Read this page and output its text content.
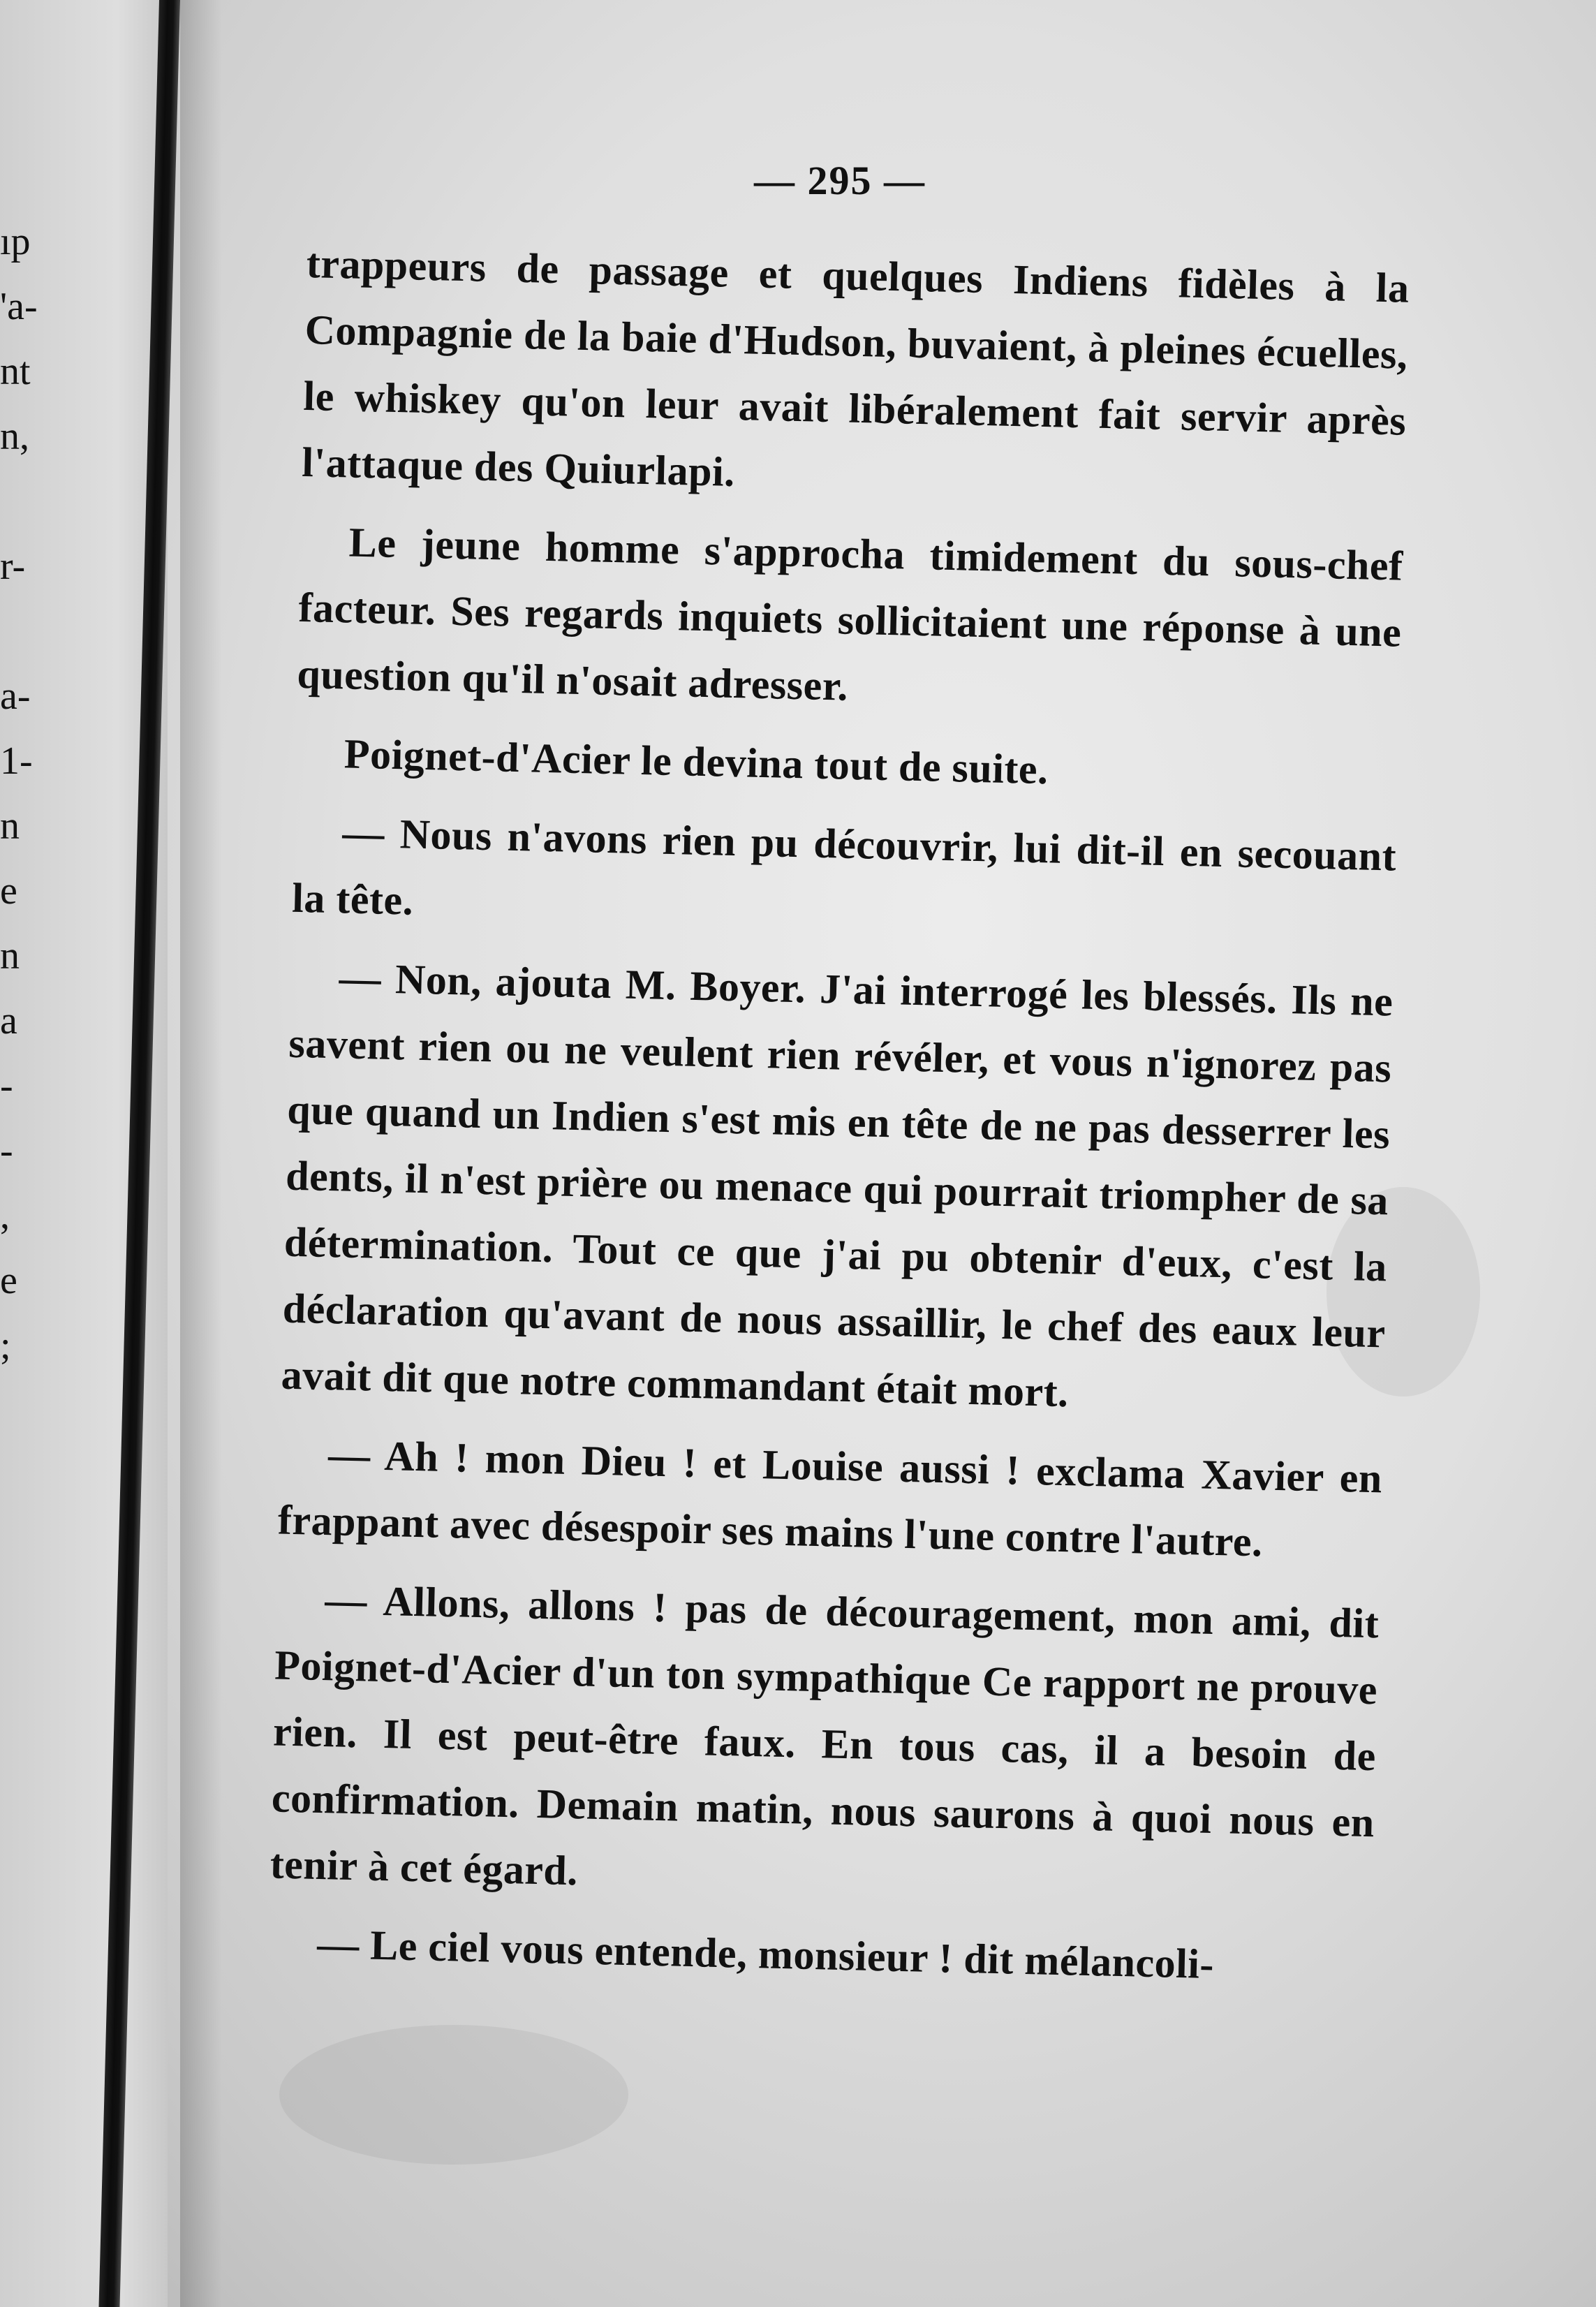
ıp
'a-
nt
n,
r-
a-
1-
n
e
n
a
-
-
,
e
;
— 295 —

trappeurs de passage et quelques Indiens fidèles à la Compagnie de la baie d'Hudson, buvaient, à pleines écuelles, le whiskey qu'on leur avait libéralement fait servir après l'attaque des Quiurlapi.

Le jeune homme s'approcha timidement du sous-chef facteur. Ses regards inquiets sollicitaient une réponse à une question qu'il n'osait adresser.

Poignet-d'Acier le devina tout de suite.

— Nous n'avons rien pu découvrir, lui dit-il en secouant la tête.

— Non, ajouta M. Boyer. J'ai interrogé les blessés. Ils ne savent rien ou ne veulent rien révéler, et vous n'ignorez pas que quand un Indien s'est mis en tête de ne pas desserrer les dents, il n'est prière ou menace qui pourrait triompher de sa détermination. Tout ce que j'ai pu obtenir d'eux, c'est la déclaration qu'avant de nous assaillir, le chef des eaux leur avait dit que notre commandant était mort.

— Ah ! mon Dieu ! et Louise aussi ! exclama Xavier en frappant avec désespoir ses mains l'une contre l'autre.

— Allons, allons ! pas de découragement, mon ami, dit Poignet-d'Acier d'un ton sympathique Ce rapport ne prouve rien. Il est peut-être faux. En tous cas, il a besoin de confirmation. Demain matin, nous saurons à quoi nous en tenir à cet égard.

— Le ciel vous entende, monsieur ! dit mélancoli-
